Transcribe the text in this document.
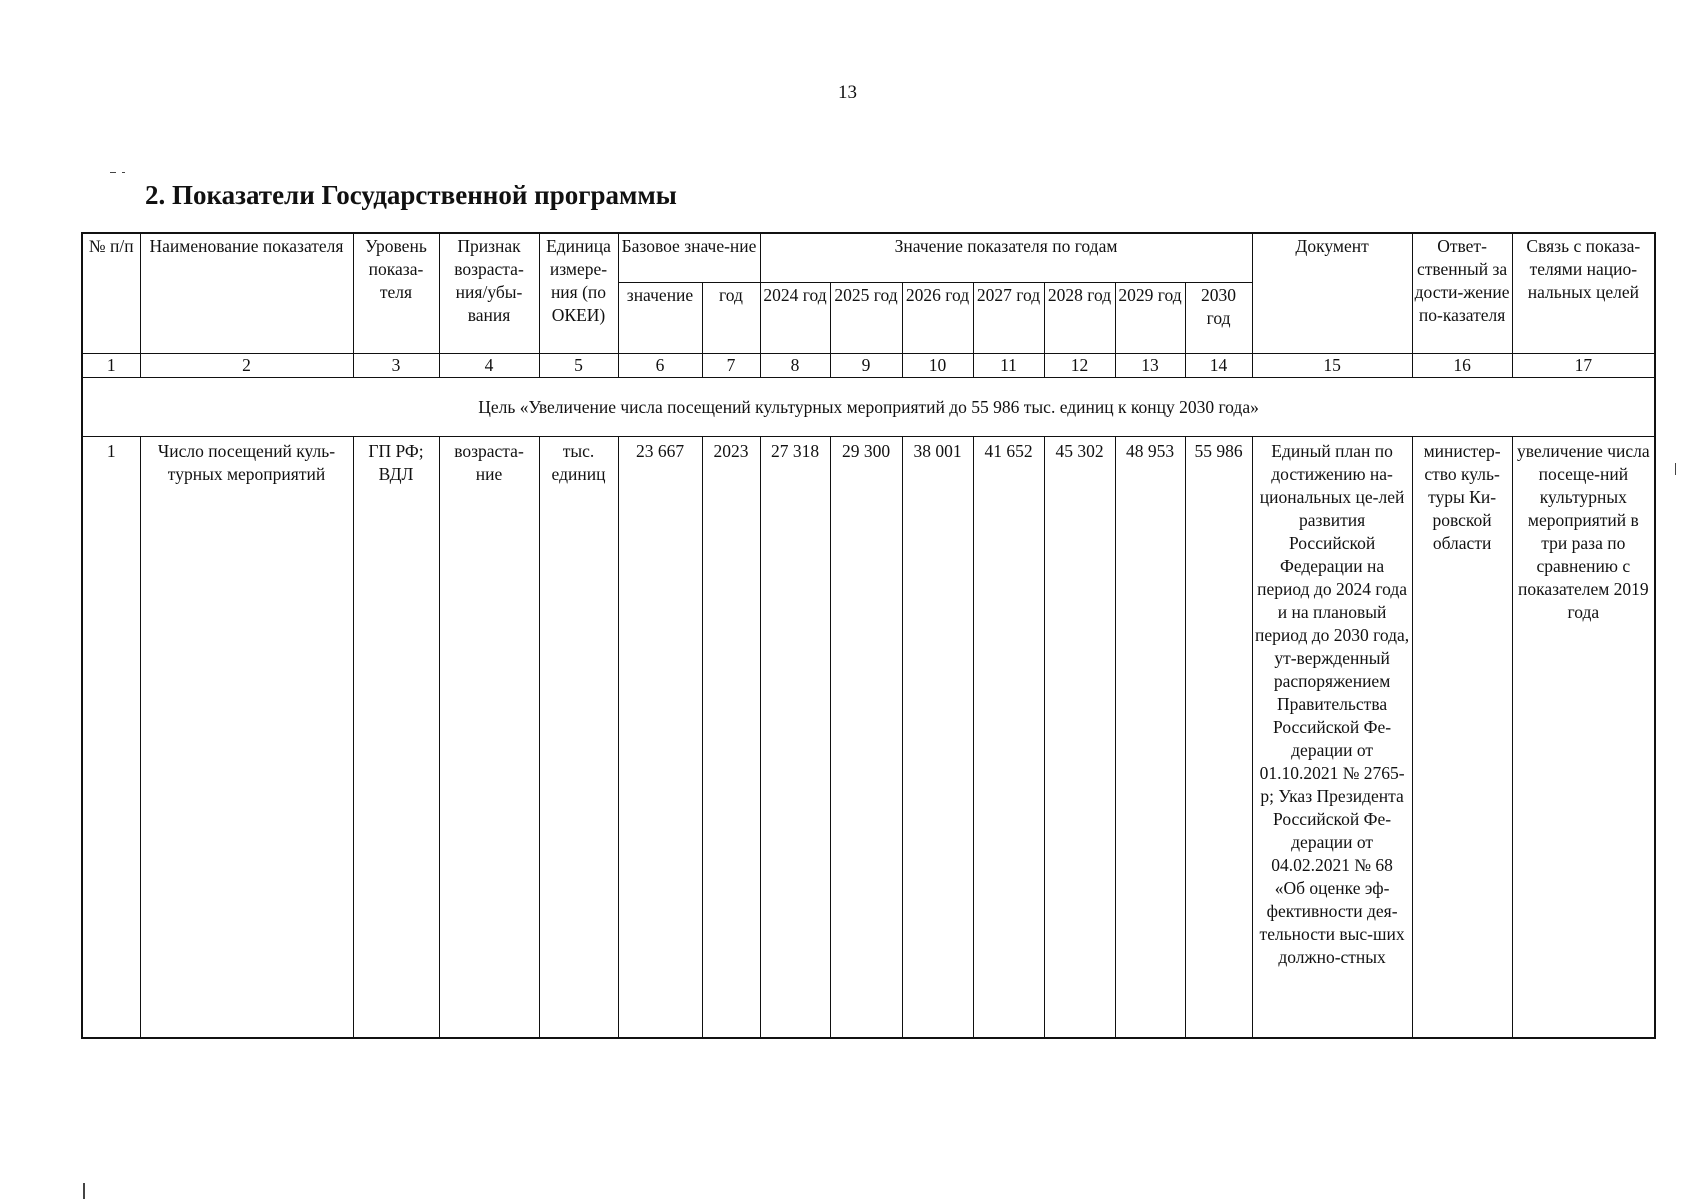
13
2. Показатели Государственной программы
№ п/п	Наименование показателя	Уровень показа-теля	Признак возраста-ния/убы-вания	Единица измере-ния (по ОКЕИ)	Базовое значе-ние		Значение показателя по годам							Документ	Ответ-ственный за дости-жение по-казателя	Связь с показа-телями нацио-нальных целей
					значение	год	2024 год	2025 год	2026 год	2027 год	2028 год	2029 год	2030 год			
1	2	3	4	5	6	7	8	9	10	11	12	13	14	15	16	17
Цель «Увеличение числа посещений культурных мероприятий до 55 986 тыс. единиц к концу 2030 года»																
1	Число посещений куль-турных мероприятий	ГП РФ; ВДЛ	возраста-ние	тыс. единиц	23 667	2023	27 318	29 300	38 001	41 652	45 302	48 953	55 986	Единый план по достижению на-циональных це-лей развития Российской Федерации на период до 2024 года и на плановый период до 2030 года, ут-вержденный распоряжением Правительства Российской Фе-дерации от 01.10.2021 № 2765-р; Указ Президента Российской Фе-дерации от 04.02.2021 № 68 «Об оценке эф-фективности дея-тельности выс-ших должно-стных	министер-ство куль-туры Ки-ровской области	увеличение числа посеще-ний культурных мероприятий в три раза по сравнению с показателем 2019 года
